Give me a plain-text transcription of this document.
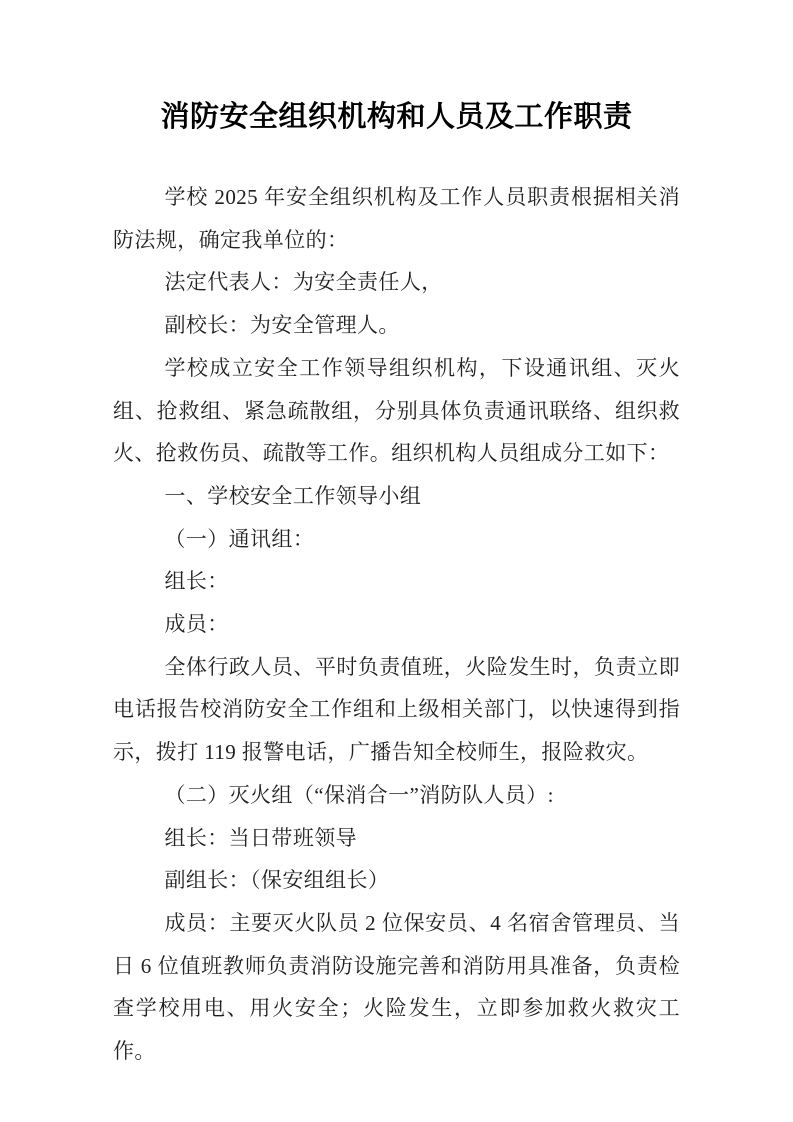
消防安全组织机构和人员及工作职责

学校 2025 年安全组织机构及工作人员职责根据相关消防法规，确定我单位的：

法定代表人：为安全责任人，

副校长：为安全管理人。

学校成立安全工作领导组织机构，下设通讯组、灭火组、抢救组、紧急疏散组，分别具体负责通讯联络、组织救火、抢救伤员、疏散等工作。组织机构人员组成分工如下：

一、学校安全工作领导小组

（一）通讯组：

组长：

成员：

全体行政人员、平时负责值班，火险发生时，负责立即电话报告校消防安全工作组和上级相关部门，以快速得到指示，拨打 119 报警电话，广播告知全校师生，报险救灾。

（二）灭火组（“保消合一”消防队人员）:

组长：当日带班领导

副组长：（保安组组长）

成员：主要灭火队员 2 位保安员、4 名宿舍管理员、当日 6 位值班教师负责消防设施完善和消防用具准备，负责检查学校用电、用火安全；火险发生，立即参加救火救灾工作。
